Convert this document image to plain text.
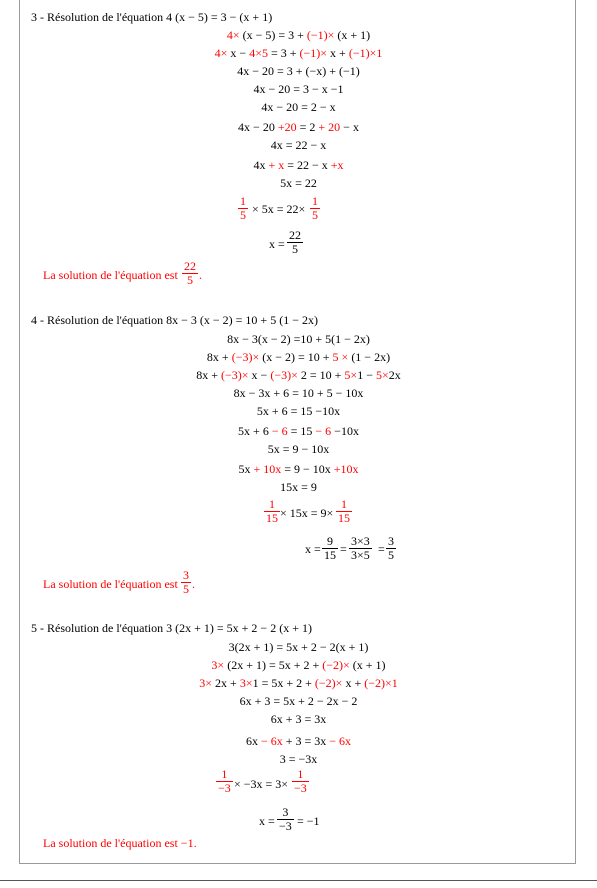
3 - Résolution de l'équation 4 (x − 5) = 3 − (x + 1)
4× (x − 5) = 3 + (−1)× (x + 1)
4× x − 4×5 = 3 + (−1)× x + (−1)×1
4x − 20 = 3 + (−x) + (−1)
4x − 20 = 3 − x −1
4x − 20 = 2 − x
4x − 20 +20 = 2 + 20 − x
4x = 22 − x
4x + x = 22 − x +x
5x = 22
$\frac{1}{5} \times 5x = 22\times \frac{1}{5}$
$x = \frac{22}{5}$
La solution de l'équation est $\frac{22}{5}$ .
4 - Résolution de l'équation 8x − 3 (x − 2) = 10 + 5 (1 − 2x)
8x − 3(x − 2) =10 + 5(1 − 2x)
8x + (−3)× (x − 2) = 10 + 5 × (1 − 2x)
8x + (−3)× x − (−3)× 2 = 10 + 5×1 − 5×2x
8x − 3x + 6 = 10 + 5 − 10x
5x + 6 = 15 −10x
5x + 6 − 6 = 15 − 6 −10x
5x = 9 − 10x
5x + 10x = 9 − 10x +10x
15x = 9
$\frac{1}{15} \times 15x = 9\times \frac{1}{15}$
$x = \frac{9}{15} = \frac{3\times 3}{3\times 5} = \frac{3}{5}$
La solution de l'équation est $\frac{3}{5}$ .
5 - Résolution de l'équation 3 (2x + 1) = 5x + 2 − 2 (x + 1)
3(2x + 1) = 5x + 2 − 2(x + 1)
3× (2x + 1) = 5x + 2 + (−2)× (x + 1)
3× 2x + 3×1 = 5x + 2 + (−2)× x + (−2)×1
6x + 3 = 5x + 2 − 2x − 2
6x + 3 = 3x
6x − 6x + 3 = 3x − 6x
3 = −3x
$\frac{1}{-3} \times -3x = 3\times \frac{1}{-3}$
$x = \frac{3}{-3} = -1$
La solution de l'équation est −1.
